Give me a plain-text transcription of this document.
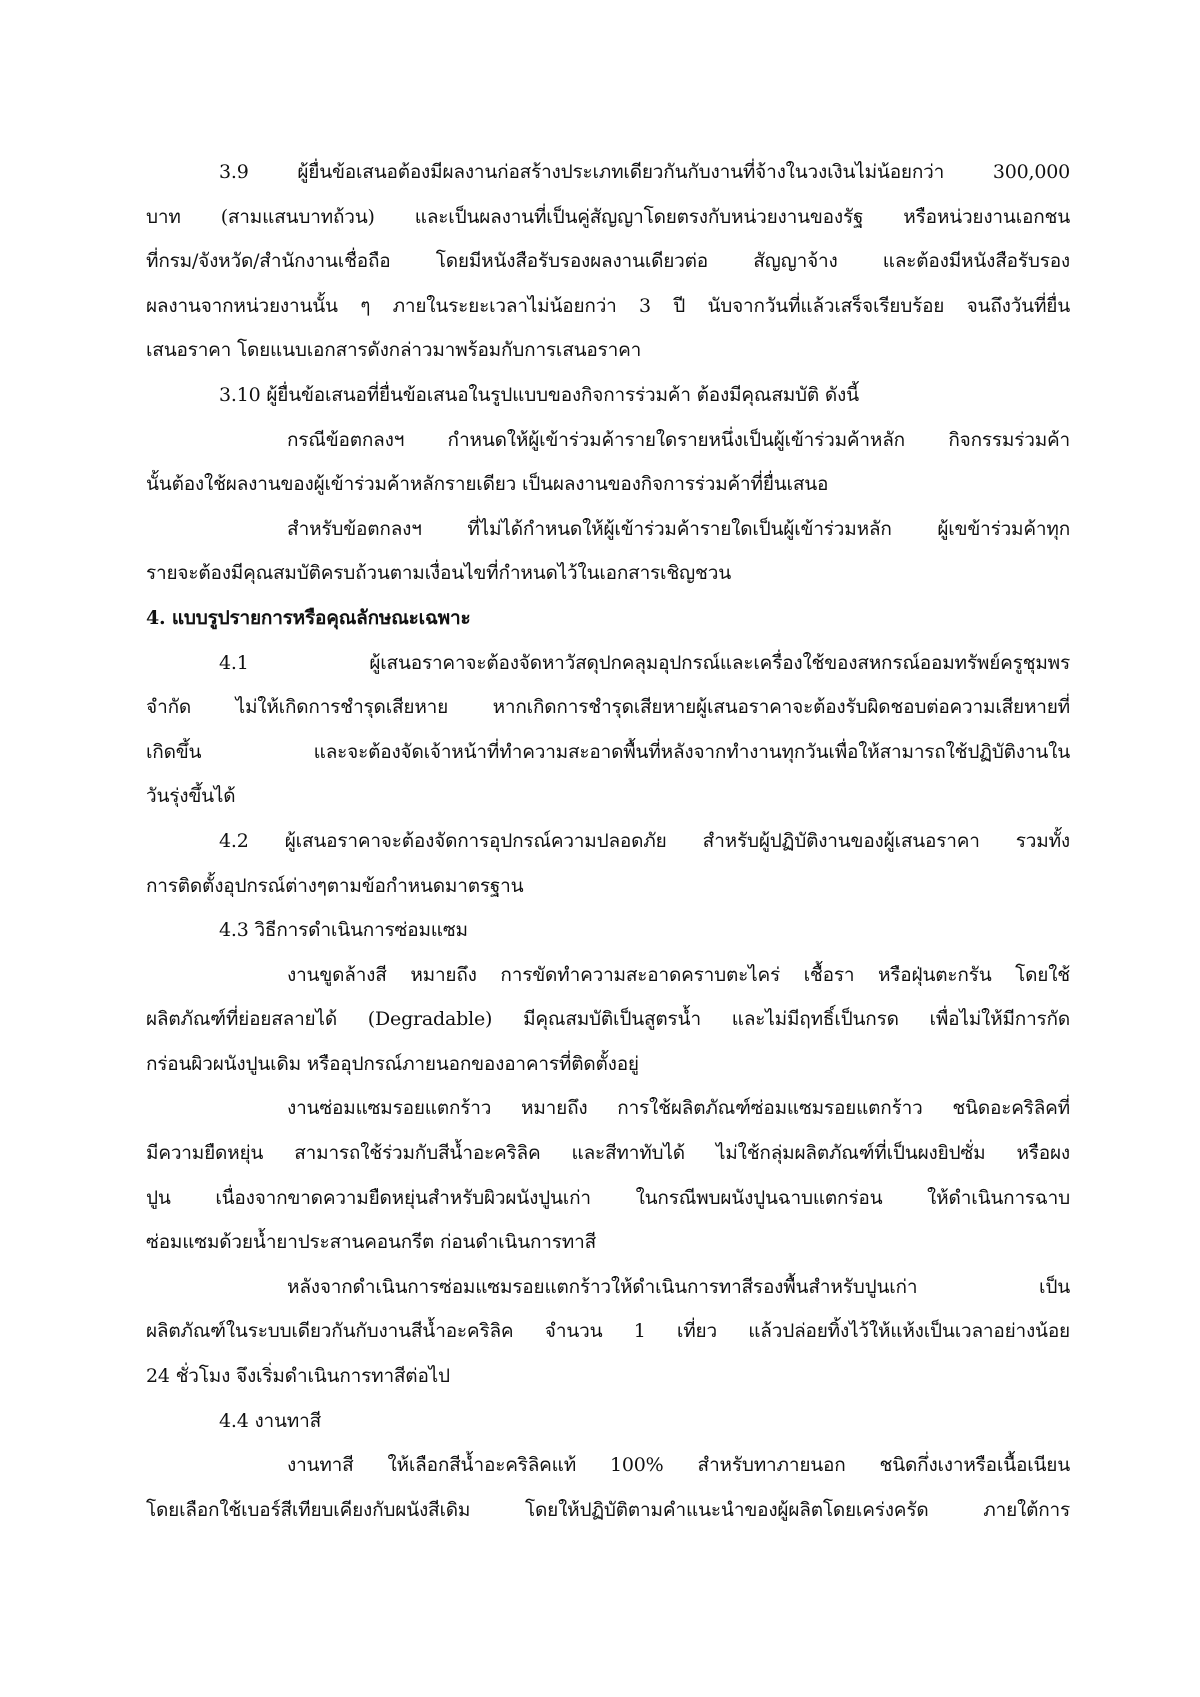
3.9 ผู้ยื่นข้อเสนอต้องมีผลงานก่อสร้างประเภทเดียวกันกับงานที่จ้างในวงเงินไม่น้อยกว่า 300,000
บาท (สามแสนบาทถ้วน) และเป็นผลงานที่เป็นคู่สัญญาโดยตรงกับหน่วยงานของรัฐ หรือหน่วยงานเอกชน
ที่กรม/จังหวัด/สำนักงานเชื่อถือ โดยมีหนังสือรับรองผลงานเดียวต่อ สัญญาจ้าง และต้องมีหนังสือรับรอง
ผลงานจากหน่วยงานนั้น ๆ ภายในระยะเวลาไม่น้อยกว่า 3 ปี นับจากวันที่แล้วเสร็จเรียบร้อย จนถึงวันที่ยื่น
เสนอราคา โดยแนบเอกสารดังกล่าวมาพร้อมกับการเสนอราคา
3.10 ผู้ยื่นข้อเสนอที่ยื่นข้อเสนอในรูปแบบของกิจการร่วมค้า ต้องมีคุณสมบัติ ดังนี้
กรณีข้อตกลงฯ กำหนดให้ผู้เข้าร่วมค้ารายใดรายหนึ่งเป็นผู้เข้าร่วมค้าหลัก กิจกรรมร่วมค้า
นั้นต้องใช้ผลงานของผู้เข้าร่วมค้าหลักรายเดียว เป็นผลงานของกิจการร่วมค้าที่ยื่นเสนอ
สำหรับข้อตกลงฯ ที่ไม่ได้กำหนดให้ผู้เข้าร่วมค้ารายใดเป็นผู้เข้าร่วมหลัก ผู้เขข้าร่วมค้าทุก
รายจะต้องมีคุณสมบัติครบถ้วนตามเงื่อนไขที่กำหนดไว้ในเอกสารเชิญชวน
4. แบบรูปรายการหรือคุณลักษณะเฉพาะ
4.1 ผู้เสนอราคาจะต้องจัดหาวัสดุปกคลุมอุปกรณ์และเครื่องใช้ของสหกรณ์ออมทรัพย์ครูชุมพร
จำกัด ไม่ให้เกิดการชำรุดเสียหาย หากเกิดการชำรุดเสียหายผู้เสนอราคาจะต้องรับผิดชอบต่อความเสียหายที่
เกิดขึ้น และจะต้องจัดเจ้าหน้าที่ทำความสะอาดพื้นที่หลังจากทำงานทุกวันเพื่อให้สามารถใช้ปฏิบัติงานใน
วันรุ่งขึ้นได้
4.2 ผู้เสนอราคาจะต้องจัดการอุปกรณ์ความปลอดภัย สำหรับผู้ปฏิบัติงานของผู้เสนอราคา รวมทั้ง
การติดตั้งอุปกรณ์ต่างๆตามข้อกำหนดมาตรฐาน
4.3 วิธีการดำเนินการซ่อมแซม
งานขูดล้างสี หมายถึง การขัดทำความสะอาดคราบตะไคร่ เชื้อรา หรือฝุ่นตะกรัน โดยใช้
ผลิตภัณฑ์ที่ย่อยสลายได้ (Degradable) มีคุณสมบัติเป็นสูตรน้ำ และไม่มีฤทธิ์เป็นกรด เพื่อไม่ให้มีการกัด
กร่อนผิวผนังปูนเดิม หรืออุปกรณ์ภายนอกของอาคารที่ติดตั้งอยู่
งานซ่อมแซมรอยแตกร้าว หมายถึง การใช้ผลิตภัณฑ์ซ่อมแซมรอยแตกร้าว ชนิดอะคริลิคที่
มีความยืดหยุ่น สามารถใช้ร่วมกับสีน้ำอะคริลิค และสีทาทับได้ ไม่ใช้กลุ่มผลิตภัณฑ์ที่เป็นผงยิปซั่ม หรือผง
ปูน เนื่องจากขาดความยืดหยุ่นสำหรับผิวผนังปูนเก่า ในกรณีพบผนังปูนฉาบแตกร่อน ให้ดำเนินการฉาบ
ซ่อมแซมด้วยน้ำยาประสานคอนกรีต ก่อนดำเนินการทาสี
หลังจากดำเนินการซ่อมแซมรอยแตกร้าวให้ดำเนินการทาสีรองพื้นสำหรับปูนเก่า เป็น
ผลิตภัณฑ์ในระบบเดียวกันกับงานสีน้ำอะคริลิค จำนวน 1 เที่ยว แล้วปล่อยทิ้งไว้ให้แห้งเป็นเวลาอย่างน้อย
24 ชั่วโมง จึงเริ่มดำเนินการทาสีต่อไป
4.4 งานทาสี
งานทาสี ให้เลือกสีน้ำอะคริลิคแท้ 100% สำหรับทาภายนอก ชนิดกึ่งเงาหรือเนื้อเนียน
โดยเลือกใช้เบอร์สีเทียบเคียงกับผนังสีเดิม โดยให้ปฏิบัติตามคำแนะนำของผู้ผลิตโดยเคร่งครัด ภายใต้การ
